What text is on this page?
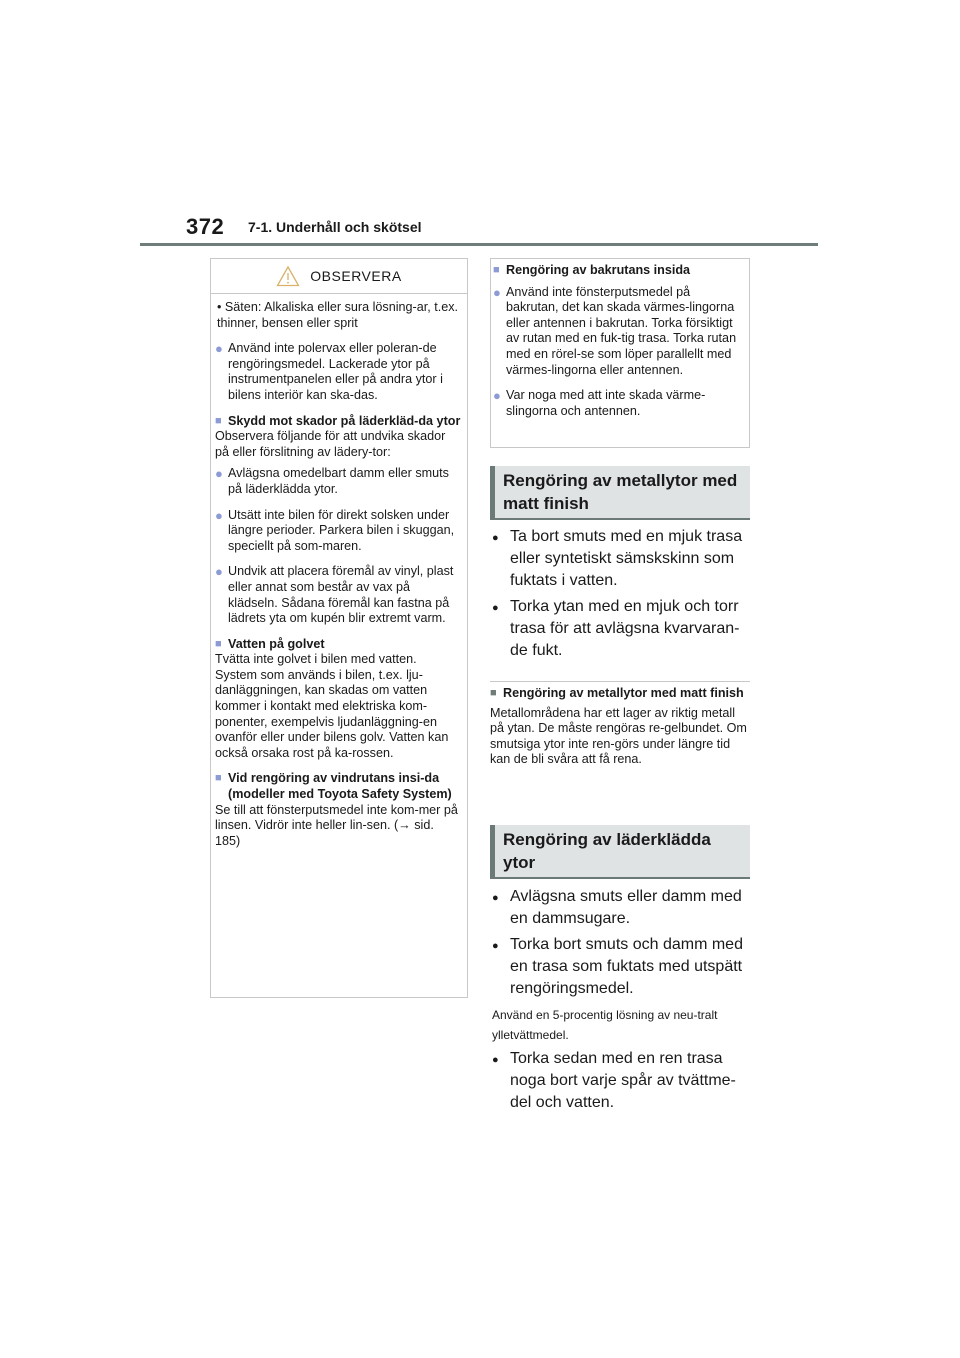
372 7-1. Underhåll och skötsel
OBSERVERA
• Säten: Alkaliska eller sura lösning-ar, t.ex. thinner, bensen eller sprit
● Använd inte polervax eller poleran-de rengöringsmedel. Lackerade ytor på instrumentpanelen eller på andra ytor i bilens interiör kan ska-das.
■ Skydd mot skador på läderkläd-da ytor
Observera följande för att undvika skador på eller förslitning av lädery-tor:
● Avlägsna omedelbart damm eller smuts på läderklädda ytor.
● Utsätt inte bilen för direkt solsken under längre perioder. Parkera bilen i skuggan, speciellt på som-maren.
● Undvik att placera föremål av vinyl, plast eller annat som består av vax på klädseln. Sådana föremål kan fastna på lädrets yta om kupén blir extremt varm.
■ Vatten på golvet
Tvätta inte golvet i bilen med vatten. System som används i bilen, t.ex. lju-danläggningen, kan skadas om vatten kommer i kontakt med elektriska kom-ponenter, exempelvis ljudanläggning-en ovanför eller under bilens golv. Vatten kan också orsaka rost på ka-rossen.
■ Vid rengöring av vindrutans insi-da (modeller med Toyota Safety System)
Se till att fönsterputsmedel inte kom-mer på linsen. Vidrör inte heller lin-sen. (→ sid. 185)
■ Rengöring av bakrutans insida
● Använd inte fönsterputsmedel på bakrutan, det kan skada värmes-lingorna eller antennen i bakrutan. Torka försiktigt av rutan med en fuk-tig trasa. Torka rutan med en rörel-se som löper parallellt med värmes-lingorna eller antennen.
● Var noga med att inte skada värme-slingorna och antennen.
Rengöring av metallytor med matt finish
● Ta bort smuts med en mjuk trasa eller syntetiskt sämskskinn som fuktats i vatten.
● Torka ytan med en mjuk och torr trasa för att avlägsna kvarvaran-de fukt.
■ Rengöring av metallytor med matt finish
Metallområdena har ett lager av riktig metall på ytan. De måste rengöras re-gelbundet. Om smutsiga ytor inte ren-görs under längre tid kan de bli svåra att få rena.
Rengöring av läderklädda ytor
● Avlägsna smuts eller damm med en dammsugare.
● Torka bort smuts och damm med en trasa som fuktats med utspätt rengöringsmedel.
Använd en 5-procentig lösning av neu-tralt ylletvättmedel.
● Torka sedan med en ren trasa noga bort varje spår av tvättme-del och vatten.
